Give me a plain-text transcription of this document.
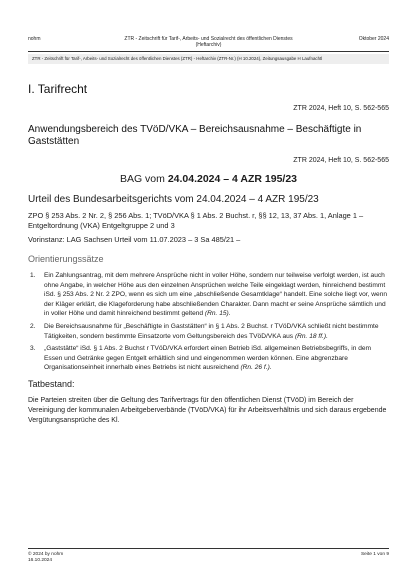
nohm	ZTR - Zeitschrift für Tarif-, Arbeits- und Sozialrecht des öffentlichen Dienstes (Heftarchiv)
Oktober 2024
ZTR - Zeitschrift für Tarif-, Arbeits- und Sozialrecht des öffentlichen Dienstes (ZTR) - Heftarchiv (ZTR-Nr.) (H 10.2024), Zeitungsausgabe H Laufnachtl
I. Tarifrecht
ZTR 2024, Heft 10, S. 562-565
Anwendungsbereich des TVöD/VKA – Bereichsausnahme – Beschäftigte in Gaststätten
ZTR 2024, Heft 10, S. 562-565
BAG vom 24.04.2024 – 4 AZR 195/23
Urteil des Bundesarbeitsgerichts vom 24.04.2024 – 4 AZR 195/23
ZPO § 253 Abs. 2 Nr. 2, § 256 Abs. 1; TVöD/VKA § 1 Abs. 2 Buchst. r, §§ 12, 13, 37 Abs. 1, Anlage 1 – Entgeltordnung (VKA) Entgeltgruppe 2 und 3
Vorinstanz: LAG Sachsen Urteil vom 11.07.2023 – 3 Sa 485/21 –
Orientierungssätze
1.	Ein Zahlungsantrag, mit dem mehrere Ansprüche nicht in voller Höhe, sondern nur teilweise verfolgt werden, ist auch ohne Angabe, in welcher Höhe aus den einzelnen Ansprüchen welche Teile eingeklagt werden, hinreichend bestimmt iSd. § 253 Abs. 2 Nr. 2 ZPO, wenn es sich um eine „abschließende Gesamtklage“ handelt. Eine solche liegt vor, wenn der Kläger erklärt, die Klageforderung habe abschließenden Charakter. Dann macht er seine Ansprüche sämtlich und in voller Höhe und damit hinreichend bestimmt geltend (Rn. 15).
2.	Die Bereichsausnahme für „Beschäftigte in Gaststätten“ in § 1 Abs. 2 Buchst. r TVöD/VKA schließt nicht bestimmte Tätigkeiten, sondern bestimmte Einsatzorte vom Geltungsbereich des TVöD/VKA aus (Rn. 18 ff.).
3.	„Gaststätte“ iSd. § 1 Abs. 2 Buchst r TVöD/VKA erfordert einen Betrieb iSd. allgemeinen Betriebsbegriffs, in dem Essen und Getränke gegen Entgelt erhältlich sind und eingenommen werden können. Eine abgrenzbare Organisationseinheit innerhalb eines Betriebs ist nicht ausreichend (Rn. 26 f.).
Tatbestand:
Die Parteien streiten über die Geltung des Tarifvertrags für den öffentlichen Dienst (TVöD) im Bereich der Vereinigung der kommunalen Arbeitgeberverbände (TVöD/VKA) für ihr Arbeitsverhältnis und sich daraus ergebende Vergütungsansprüche des Kl.
© 2024 by nohm
16.10.2024
Seite 1 von 9
